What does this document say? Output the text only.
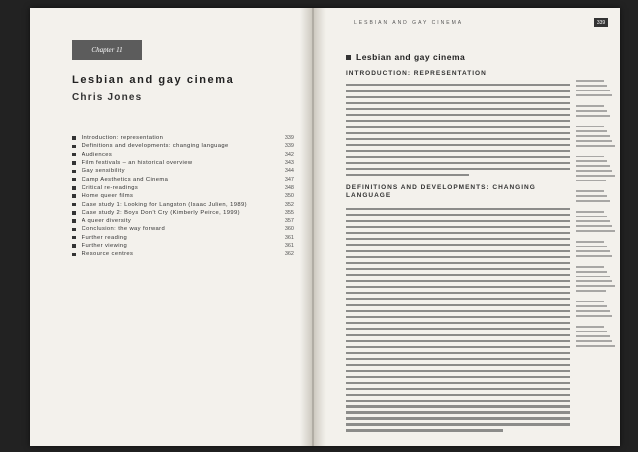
Chapter 11
Lesbian and gay cinema
Chris Jones
Introduction: representation	339
Definitions and developments: changing language	339
Audiences	342
Film festivals – an historical overview	343
Gay sensibility	344
Camp Aesthetics and Cinema	347
Critical re-readings	348
Home queer films	350
Case study 1: Looking for Langston (Isaac Julien, 1989)	352
Case study 2: Boys Don't Cry (Kimberly Peirce, 1999)	355
A queer diversity	357
Conclusion: the way forward	360
Further reading	361
Further viewing	361
Resource centres	362
LESBIAN AND GAY CINEMA	339
Lesbian and gay cinema
INTRODUCTION: REPRESENTATION
DEFINITIONS AND DEVELOPMENTS: CHANGING
LANGUAGE
